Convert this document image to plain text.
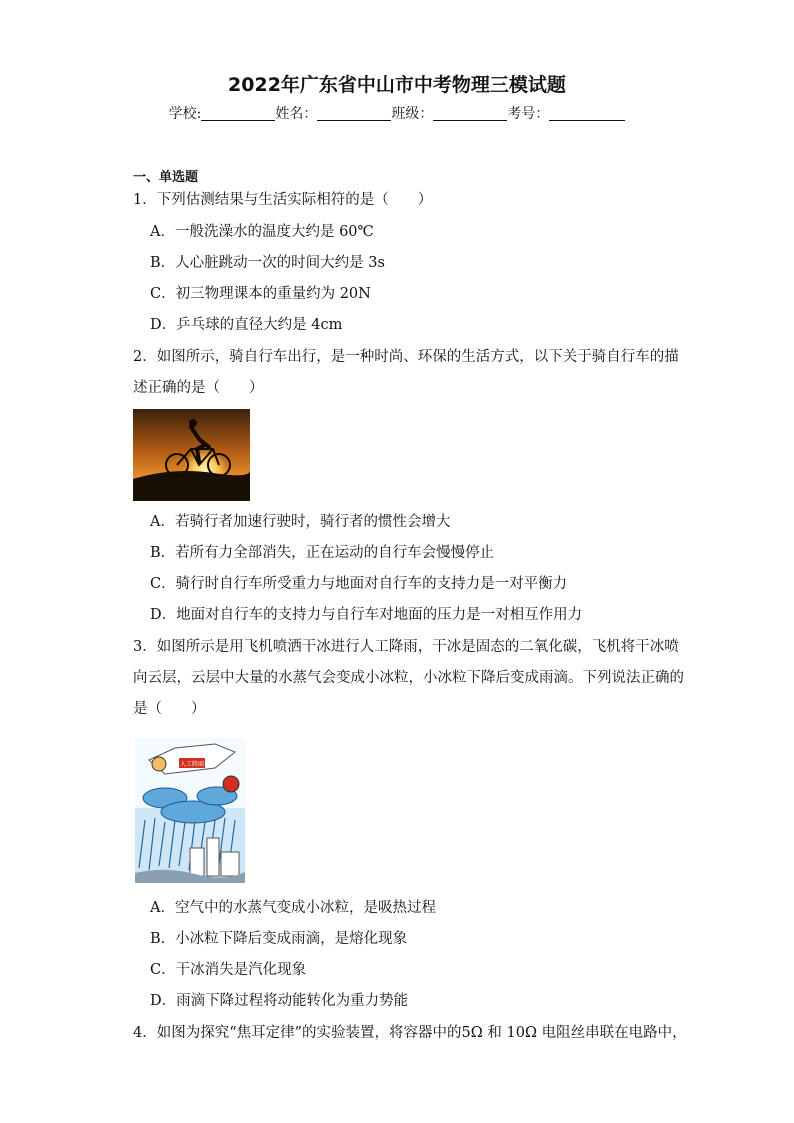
2022年广东省中山市中考物理三模试题
学校:	姓名：	班级：	考号：
一、单选题
1．下列估测结果与生活实际相符的是（　　）
A．一般洗澡水的温度大约是 60℃
B．人心脏跳动一次的时间大约是 3s
C．初三物理课本的重量约为 20N
D．乒乓球的直径大约是 4cm
2．如图所示，骑自行车出行，是一种时尚、环保的生活方式，以下关于骑自行车的描
述正确的是（　　）
A．若骑行者加速行驶时，骑行者的惯性会增大
B．若所有力全部消失，正在运动的自行车会慢慢停止
C．骑行时自行车所受重力与地面对自行车的支持力是一对平衡力
D．地面对自行车的支持力与自行车对地面的压力是一对相互作用力
3．如图所示是用飞机喷洒干冰进行人工降雨，干冰是固态的二氧化碳，飞机将干冰喷
向云层，云层中大量的水蒸气会变成小冰粒，小冰粒下降后变成雨滴。下列说法正确的
是（　　）
人工降雨
A．空气中的水蒸气变成小冰粒，是吸热过程
B．小冰粒下降后变成雨滴，是熔化现象
C．干冰消失是汽化现象
D．雨滴下降过程将动能转化为重力势能
4．如图为探究“焦耳定律”的实验装置，将容器中的5Ω 和 10Ω 电阻丝串联在电路中，
